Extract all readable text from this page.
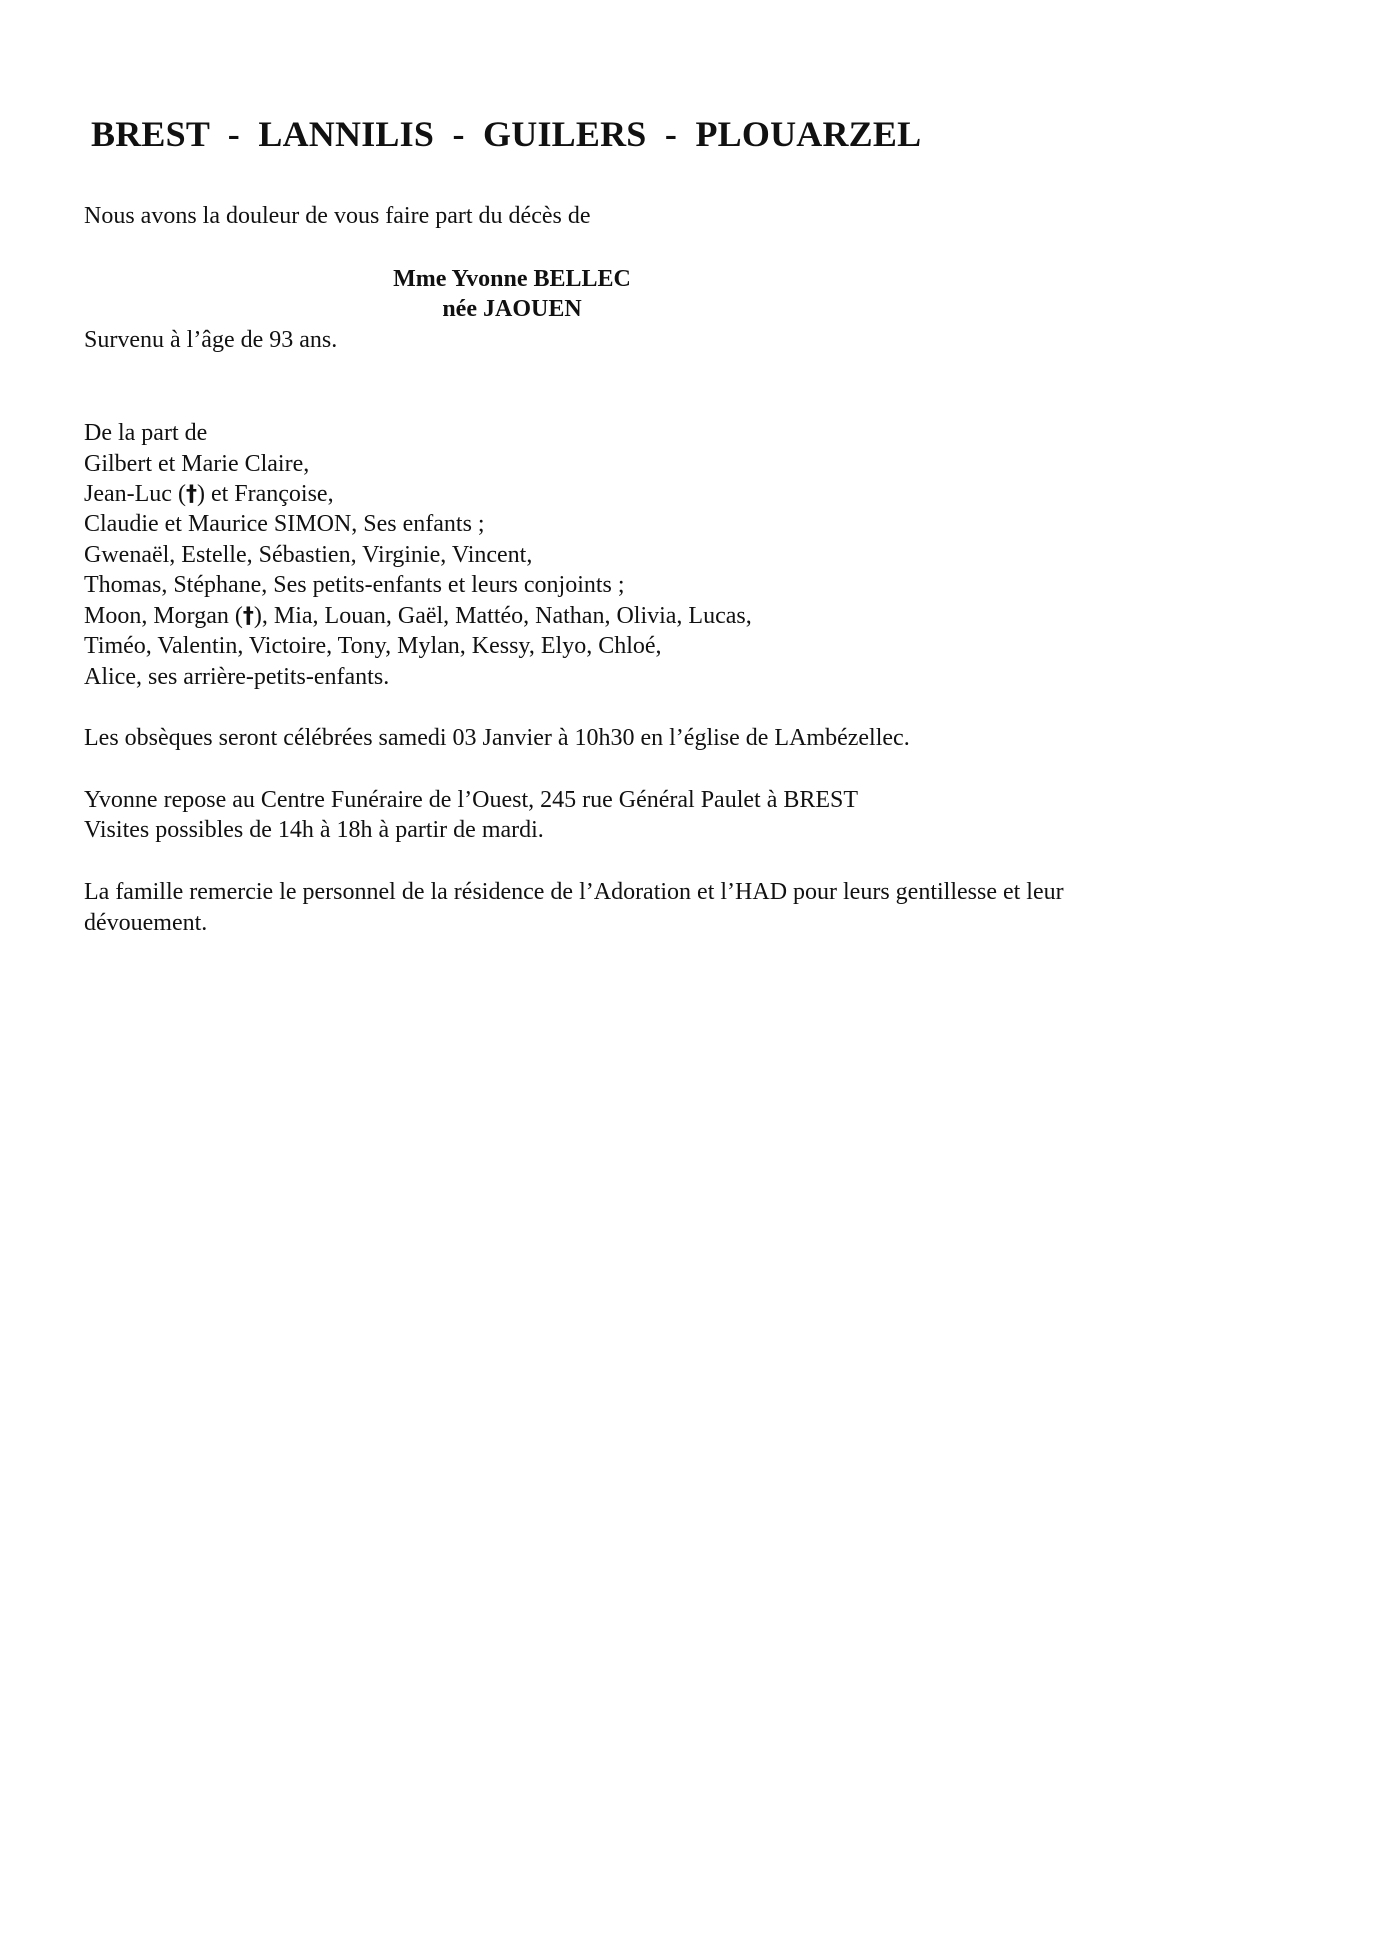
BREST  -  LANNILIS  -  GUILERS  -  PLOUARZEL

Nous avons la douleur de vous faire part du décès de

Mme Yvonne BELLEC

née JAOUEN

Survenu à l’âge de 93 ans.

De la part de

Gilbert et Marie Claire,

Jean-Luc (†) et Françoise,

Claudie et Maurice SIMON, Ses enfants ;

Gwenaël, Estelle, Sébastien, Virginie, Vincent,

Thomas, Stéphane, Ses petits-enfants et leurs conjoints ;

Moon, Morgan (†), Mia, Louan, Gaël, Mattéo, Nathan, Olivia, Lucas,

Timéo, Valentin, Victoire, Tony, Mylan, Kessy, Elyo, Chloé,

Alice, ses arrière-petits-enfants.

Les obsèques seront célébrées samedi 03 Janvier à 10h30 en l’église de LAmbézellec.

Yvonne repose au Centre Funéraire de l’Ouest, 245 rue Général Paulet à BREST

Visites possibles de 14h à 18h à partir de mardi.

La famille remercie le personnel de la résidence de l’Adoration et l’HAD pour leurs gentillesse et leur

dévouement.
